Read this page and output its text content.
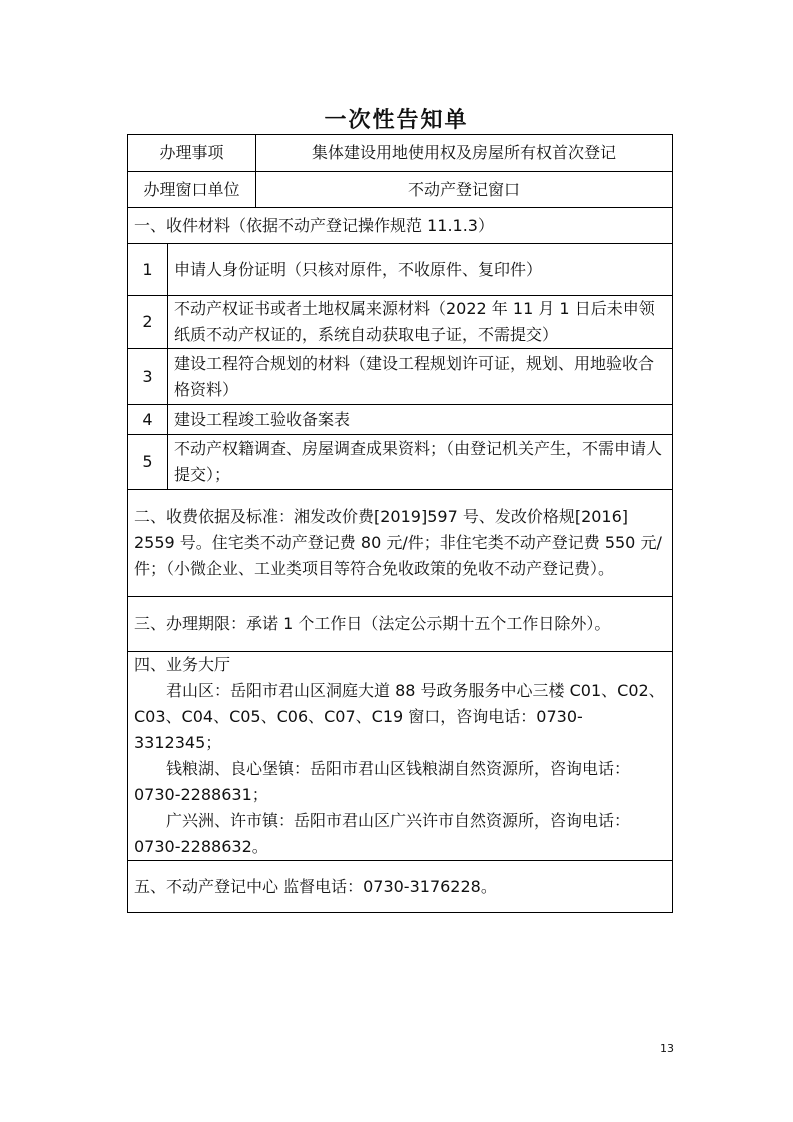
一次性告知单
办理事项		集体建设用地使用权及房屋所有权首次登记
办理窗口单位		不动产登记窗口
一、收件材料（依据不动产登记操作规范 11.1.3）		
1	申请人身份证明（只核对原件，不收原件、复印件）	
2	不动产权证书或者土地权属来源材料（2022 年 11 月 1 日后未申领纸质不动产权证的，系统自动获取电子证，不需提交）	
3	建设工程符合规划的材料（建设工程规划许可证，规划、用地验收合格资料）	
4	建设工程竣工验收备案表	
5	不动产权籍调查、房屋调查成果资料；（由登记机关产生，不需申请人提交）；	
二、收费依据及标准：湘发改价费[2019]597 号、发改价格规[2016] 2559 号。住宅类不动产登记费 80 元/件；非住宅类不动产登记费 550 元/件；（小微企业、工业类项目等符合免收政策的免收不动产登记费）。		
三、办理期限：承诺 1 个工作日（法定公示期十五个工作日除外）。		

四、业务大厅

君山区：岳阳市君山区洞庭大道 88 号政务服务中心三楼 C01、C02、C03、C04、C05、C06、C07、C19 窗口，咨询电话：0730-3312345；

钱粮湖、良心堡镇：岳阳市君山区钱粮湖自然资源所，咨询电话：0730-2288631；

广兴洲、许市镇：岳阳市君山区广兴许市自然资源所，咨询电话：0730-2288632。		

五、不动产登记中心 监督电话：0730-3176228。		
13
